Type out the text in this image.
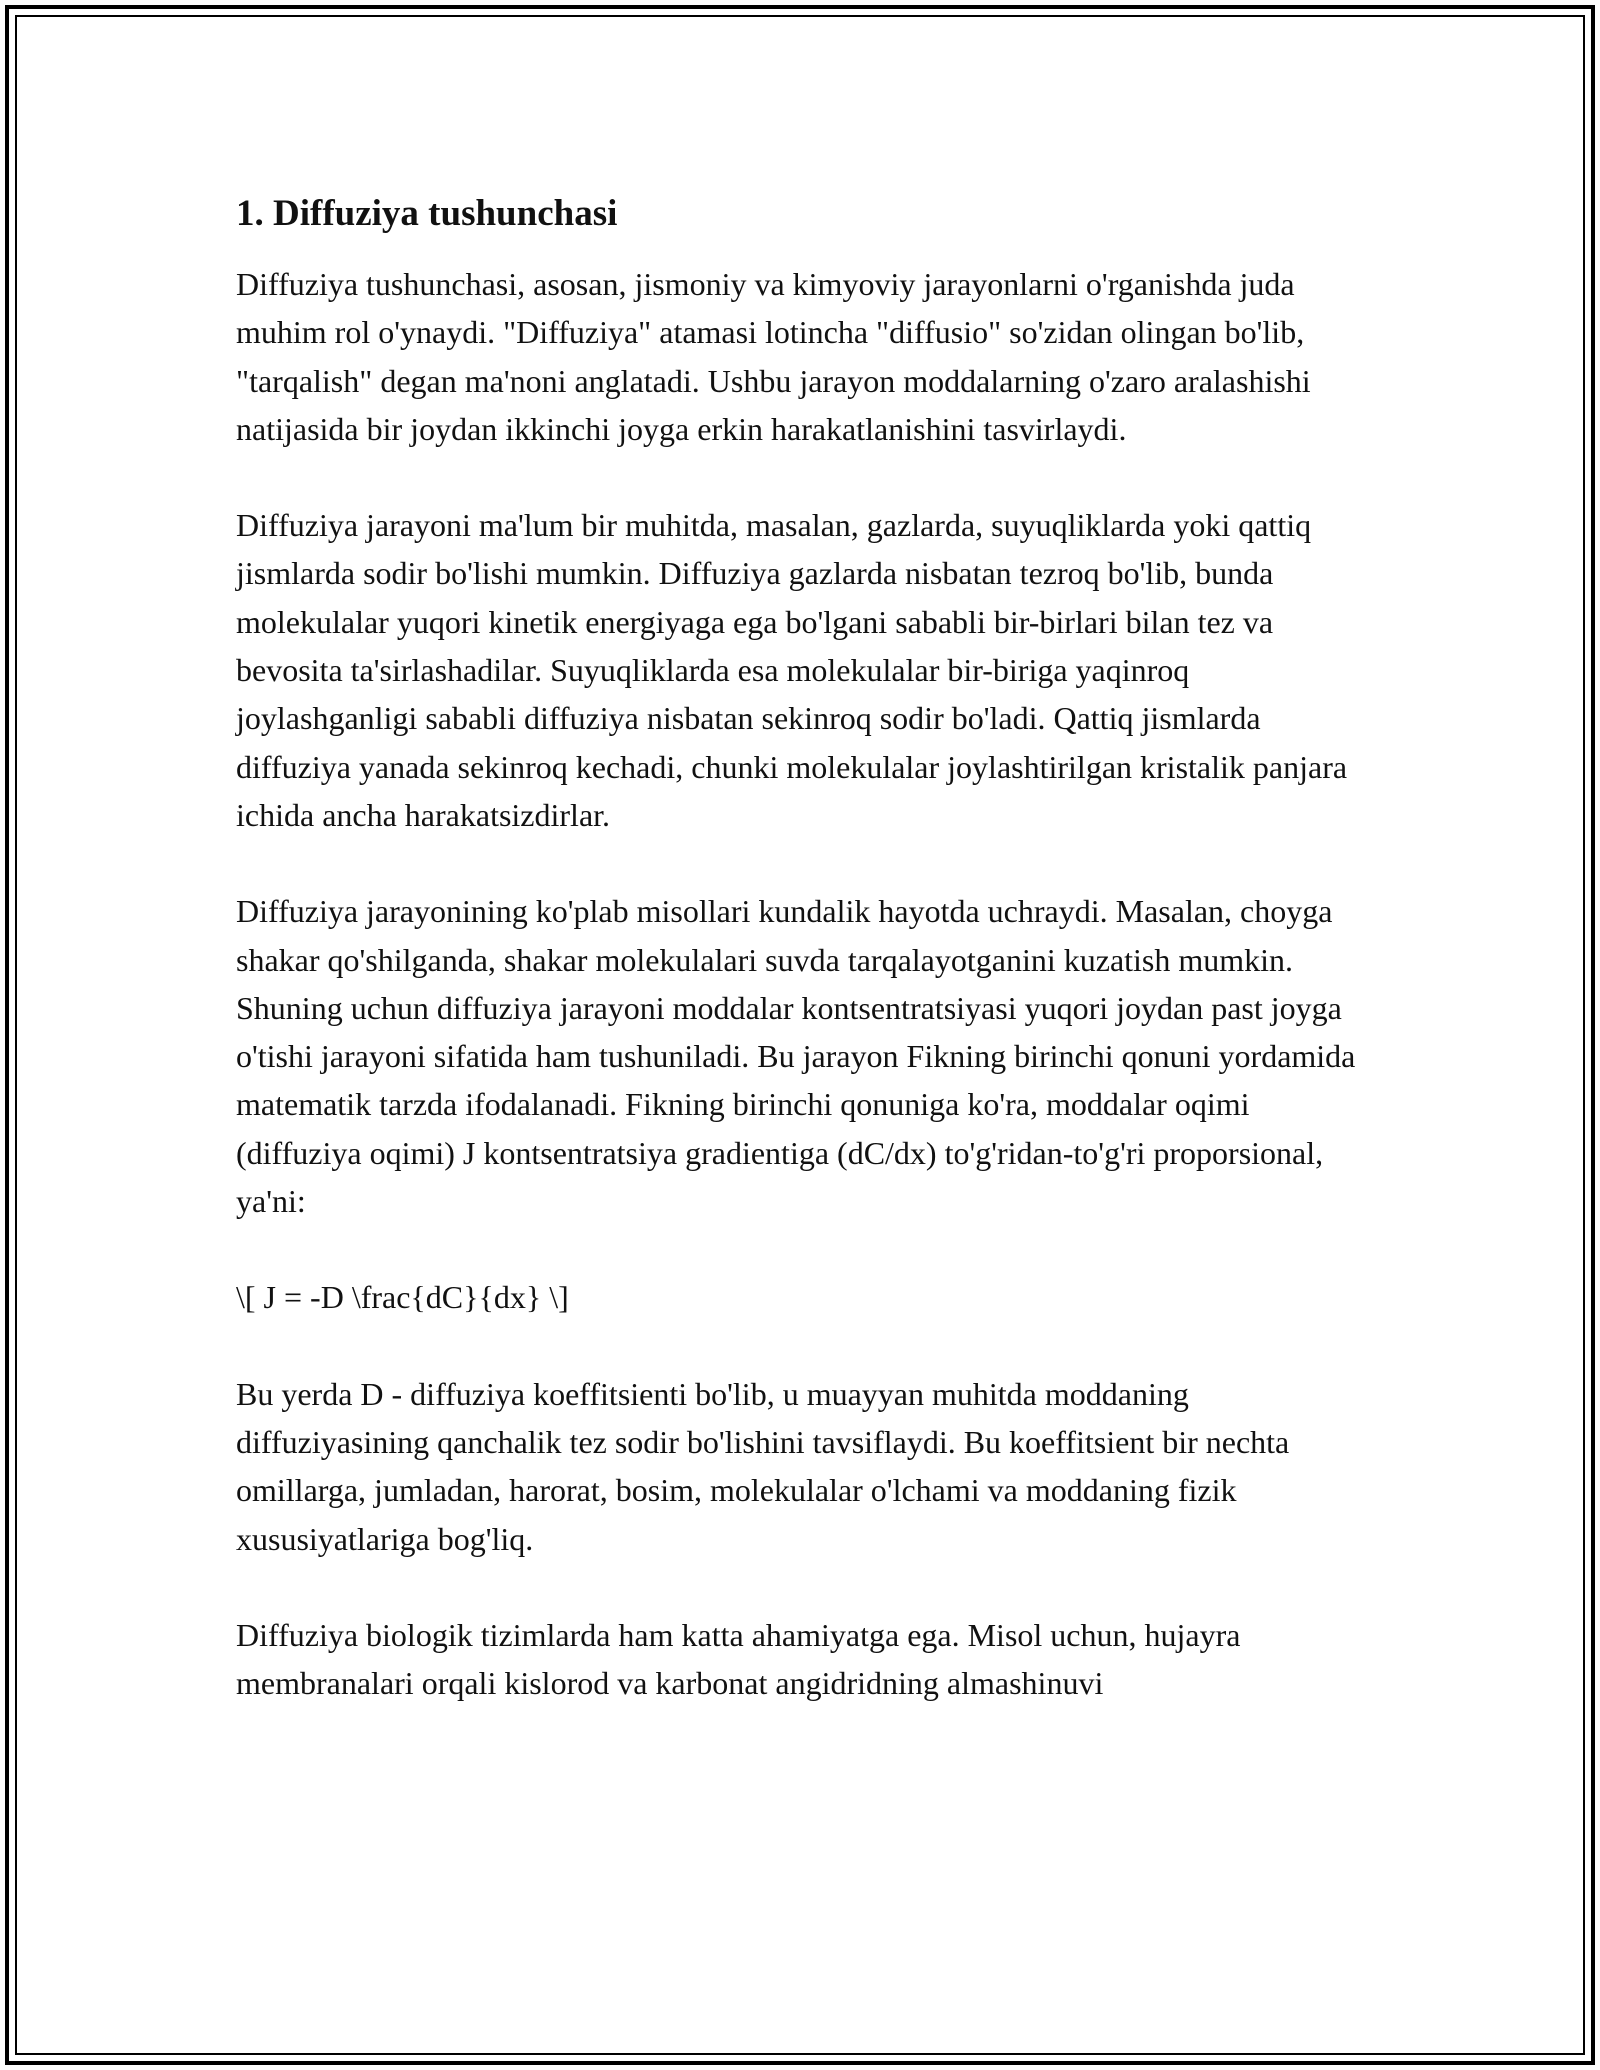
1. Diffuziya tushunchasi

Diffuziya tushunchasi, asosan, jismoniy va kimyoviy jarayonlarni o'rganishda juda muhim rol o'ynaydi. "Diffuziya" atamasi lotincha "diffusio" so'zidan olingan bo'lib, "tarqalish" degan ma'noni anglatadi. Ushbu jarayon moddalarning o'zaro aralashishi natijasida bir joydan ikkinchi joyga erkin harakatlanishini tasvirlaydi.

Diffuziya jarayoni ma'lum bir muhitda, masalan, gazlarda, suyuqliklarda yoki qattiq jismlarda sodir bo'lishi mumkin. Diffuziya gazlarda nisbatan tezroq bo'lib, bunda molekulalar yuqori kinetik energiyaga ega bo'lgani sababli bir-birlari bilan tez va bevosita ta'sirlashadilar. Suyuqliklarda esa molekulalar bir-biriga yaqinroq joylashganligi sababli diffuziya nisbatan sekinroq sodir bo'ladi. Qattiq jismlarda diffuziya yanada sekinroq kechadi, chunki molekulalar joylashtirilgan kristalik panjara ichida ancha harakatsizdirlar.

Diffuziya jarayonining ko'plab misollari kundalik hayotda uchraydi. Masalan, choyga shakar qo'shilganda, shakar molekulalari suvda tarqalayotganini kuzatish mumkin. Shuning uchun diffuziya jarayoni moddalar kontsentratsiyasi yuqori joydan past joyga o'tishi jarayoni sifatida ham tushuniladi. Bu jarayon Fikning birinchi qonuni yordamida matematik tarzda ifodalanadi. Fikning birinchi qonuniga ko'ra, moddalar oqimi (diffuziya oqimi) J kontsentratsiya gradientiga (dC/dx) to'g'ridan-to'g'ri proporsional, ya'ni:

\[ J = -D \frac{dC}{dx} \]

Bu yerda D - diffuziya koeffitsienti bo'lib, u muayyan muhitda moddaning diffuziyasining qanchalik tez sodir bo'lishini tavsiflaydi. Bu koeffitsient bir nechta omillarga, jumladan, harorat, bosim, molekulalar o'lchami va moddaning fizik xususiyatlariga bog'liq.

Diffuziya biologik tizimlarda ham katta ahamiyatga ega. Misol uchun, hujayra membranalari orqali kislorod va karbonat angidridning almashinuvi
